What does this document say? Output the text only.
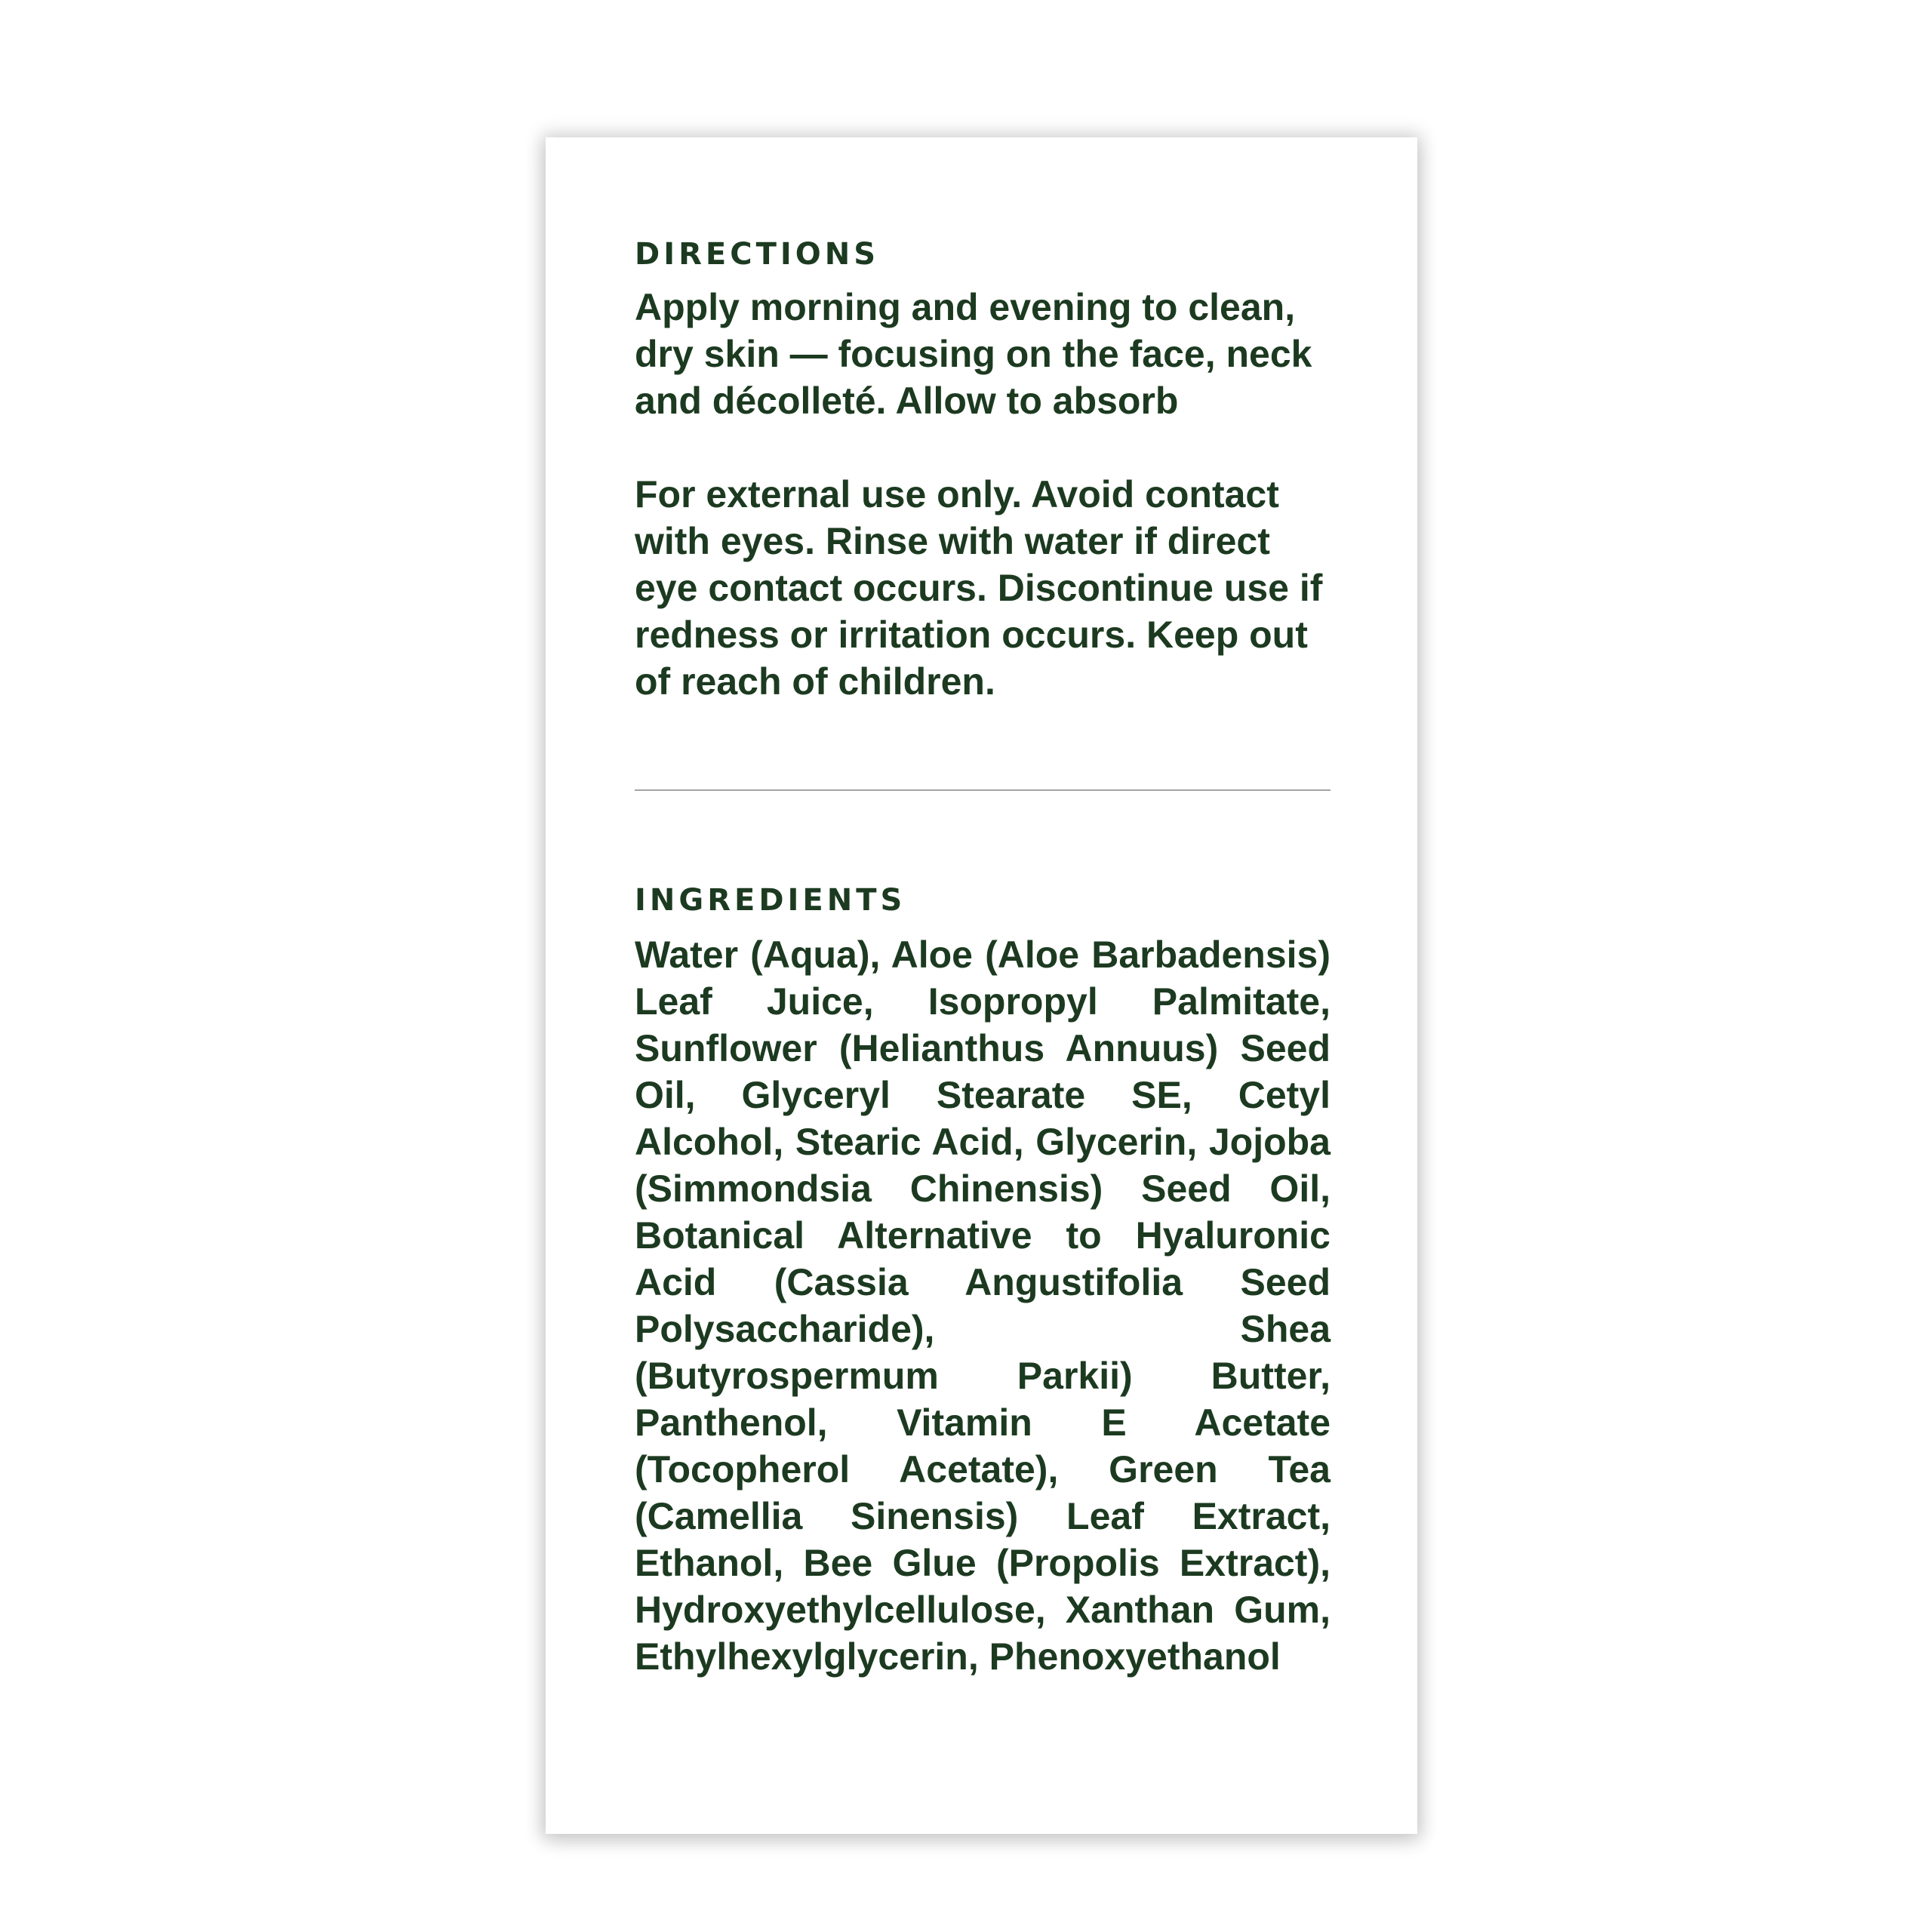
DIRECTIONS

Apply morning and evening to clean, dry skin — focusing on the face, neck and décolleté. Allow to absorb

For external use only. Avoid contact with eyes. Rinse with water if direct eye contact occurs. Discontinue use if redness or irritation occurs. Keep out of reach of children.

INGREDIENTS

Water (Aqua), Aloe (Aloe Barbadensis) Leaf Juice, Isopropyl Palmitate, Sunflower (Helianthus Annuus) Seed Oil, Glyceryl Stearate SE, Cetyl Alcohol, Stearic Acid, Glycerin, Jojoba (Simmondsia Chinensis) Seed Oil, Botanical Alternative to Hyaluronic Acid (Cassia Angustifolia Seed Polysaccharide), Shea (Butyrospermum Parkii) Butter, Panthenol, Vitamin E Acetate (Tocopherol Acetate), Green Tea (Camellia Sinensis) Leaf Extract, Ethanol, Bee Glue (Propolis Extract), Hydroxyethylcellulose, Xanthan Gum, Ethylhexylglycerin, Phenoxyethanol
